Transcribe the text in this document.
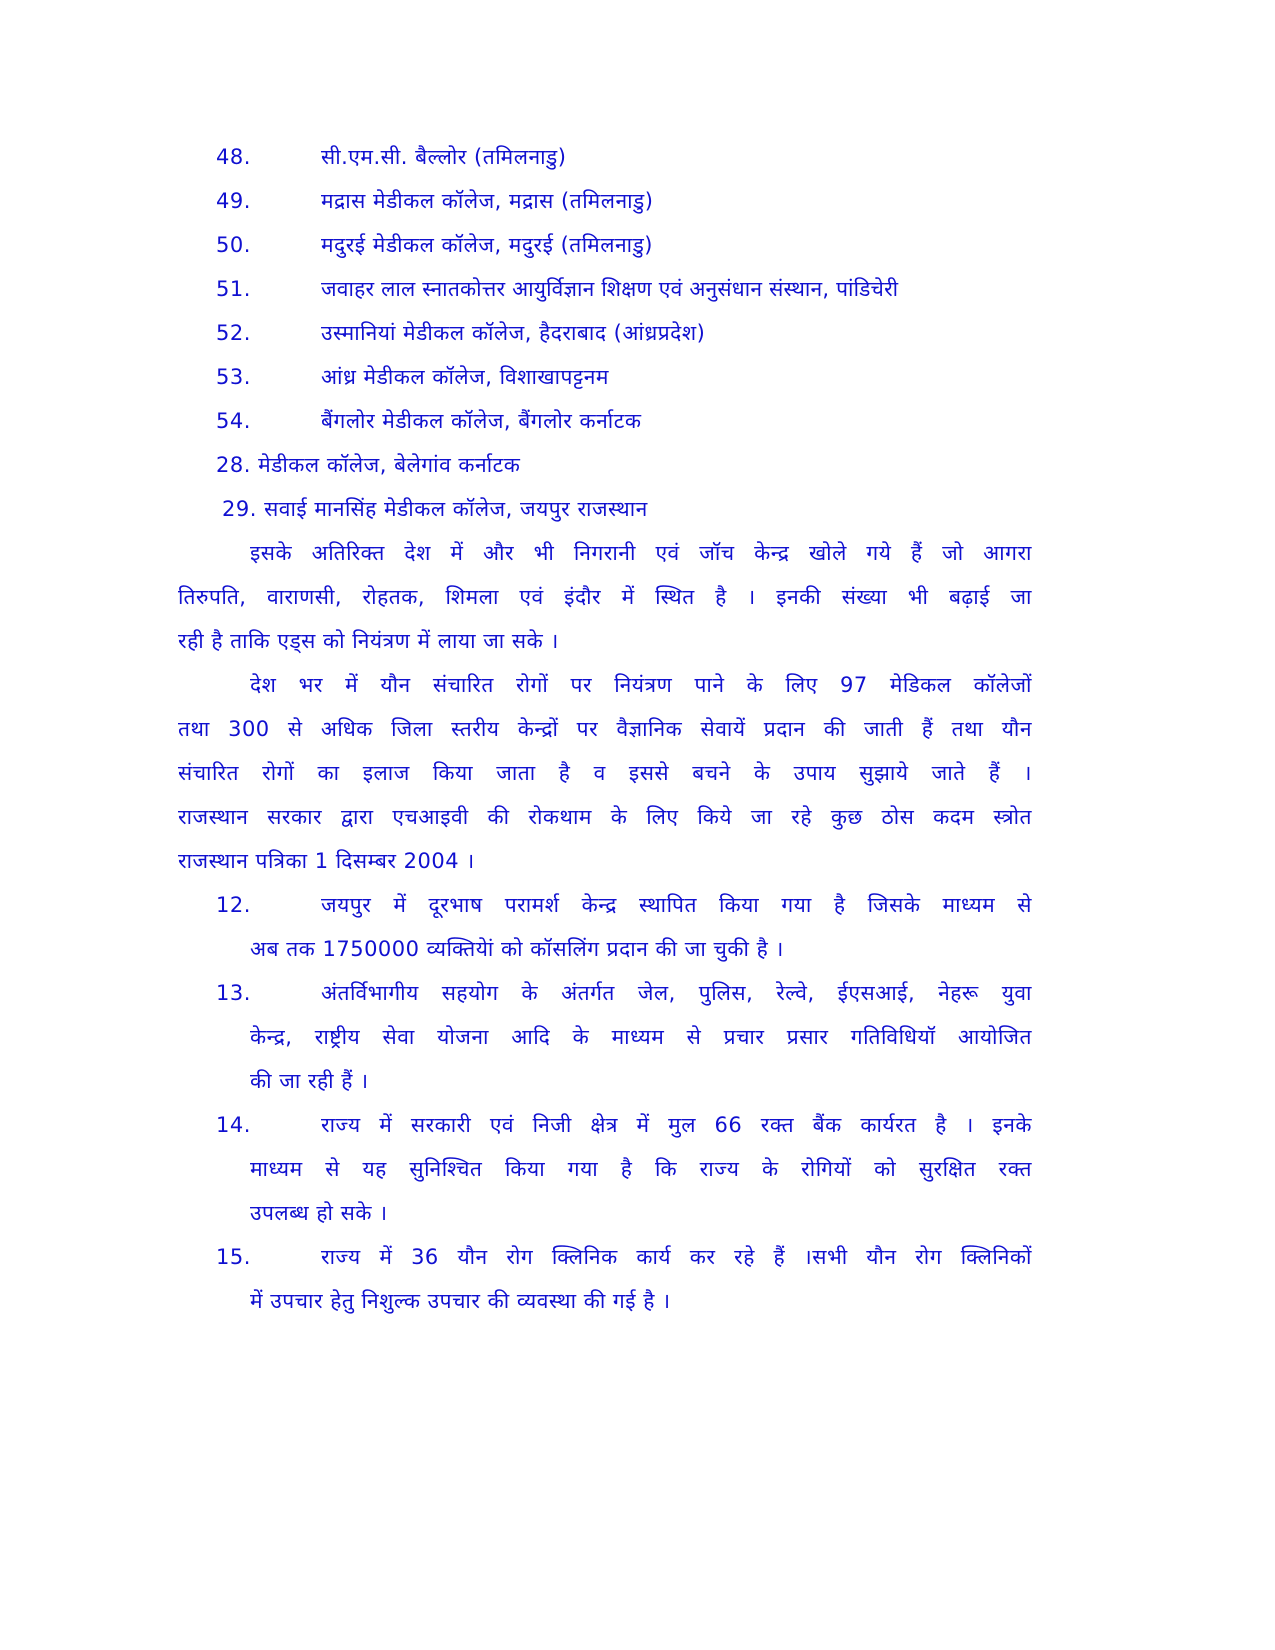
48.	सी.एम.सी. बैल्लोर (तमिलनाडु)
49.	मद्रास मेडीकल कॉलेज, मद्रास (तमिलनाडु)
50.	मदुरई मेडीकल कॉलेज, मदुरई (तमिलनाडु)
51.	जवाहर लाल स्नातकोत्तर आयुर्विज्ञान शिक्षण एवं अनुसंधान संस्थान, पांडिचेरी
52.	उस्मानियां मेडीकल कॉलेज, हैदराबाद (आंध्रप्रदेश)
53.	आंध्र मेडीकल कॉलेज, विशाखापट्टनम
54.	बैंगलोर मेडीकल कॉलेज, बैंगलोर कर्नाटक
28. मेडीकल कॉलेज, बेलेगांव कर्नाटक
29. सवाई मानसिंह मेडीकल कॉलेज, जयपुर राजस्थान
इसके अतिरिक्त देश में और भी निगरानी एवं जॉच केन्द्र खोले गये हैं जो आगरा
तिरुपति, वाराणसी, रोहतक, शिमला एवं इंदौर में स्थित है । इनकी संख्या भी बढ़ाई जा
रही है ताकि एड्स को नियंत्रण में लाया जा सके ।
देश भर में यौन संचारित रोगों पर नियंत्रण पाने के लिए 97 मेडिकल कॉलेजों
तथा 300 से अधिक जिला स्तरीय केन्द्रों पर वैज्ञानिक सेवायें प्रदान की जाती हैं तथा यौन
संचारित रोगों का इलाज किया जाता है व इससे बचने के उपाय सुझाये जाते हैं ।
राजस्थान सरकार द्वारा एचआइवी की रोकथाम के लिए किये जा रहे कुछ ठोस कदम स्त्रोत
राजस्थान पत्रिका 1 दिसम्बर 2004 ।
12.	जयपुर में दूरभाष परामर्श केन्द्र स्थापित किया गया है जिसके माध्यम से
अब तक 1750000 व्यक्तियेां को कॉसलिंग प्रदान की जा चुकी है ।
13.	अंतर्विभागीय सहयोग के अंतर्गत जेल, पुलिस, रेल्वे, ईएसआई, नेहरू युवा
केन्द्र, राष्ट्रीय सेवा योजना आदि के माध्यम से प्रचार प्रसार गतिविधियॉ आयोजित
की जा रही हैं ।
14.	राज्य में सरकारी एवं निजी क्षेत्र में मुल 66 रक्त बैंक कार्यरत है । इनके
माध्यम से यह सुनिश्चित किया गया है कि राज्य के रोगियों को सुरक्षित रक्त
उपलब्ध हो सके ।
15.	राज्य में 36 यौन रोग क्लिनिक कार्य कर रहे हैं ।सभी यौन रोग क्लिनिकों
में उपचार हेतु निशुल्क उपचार की व्यवस्था की गई है ।
